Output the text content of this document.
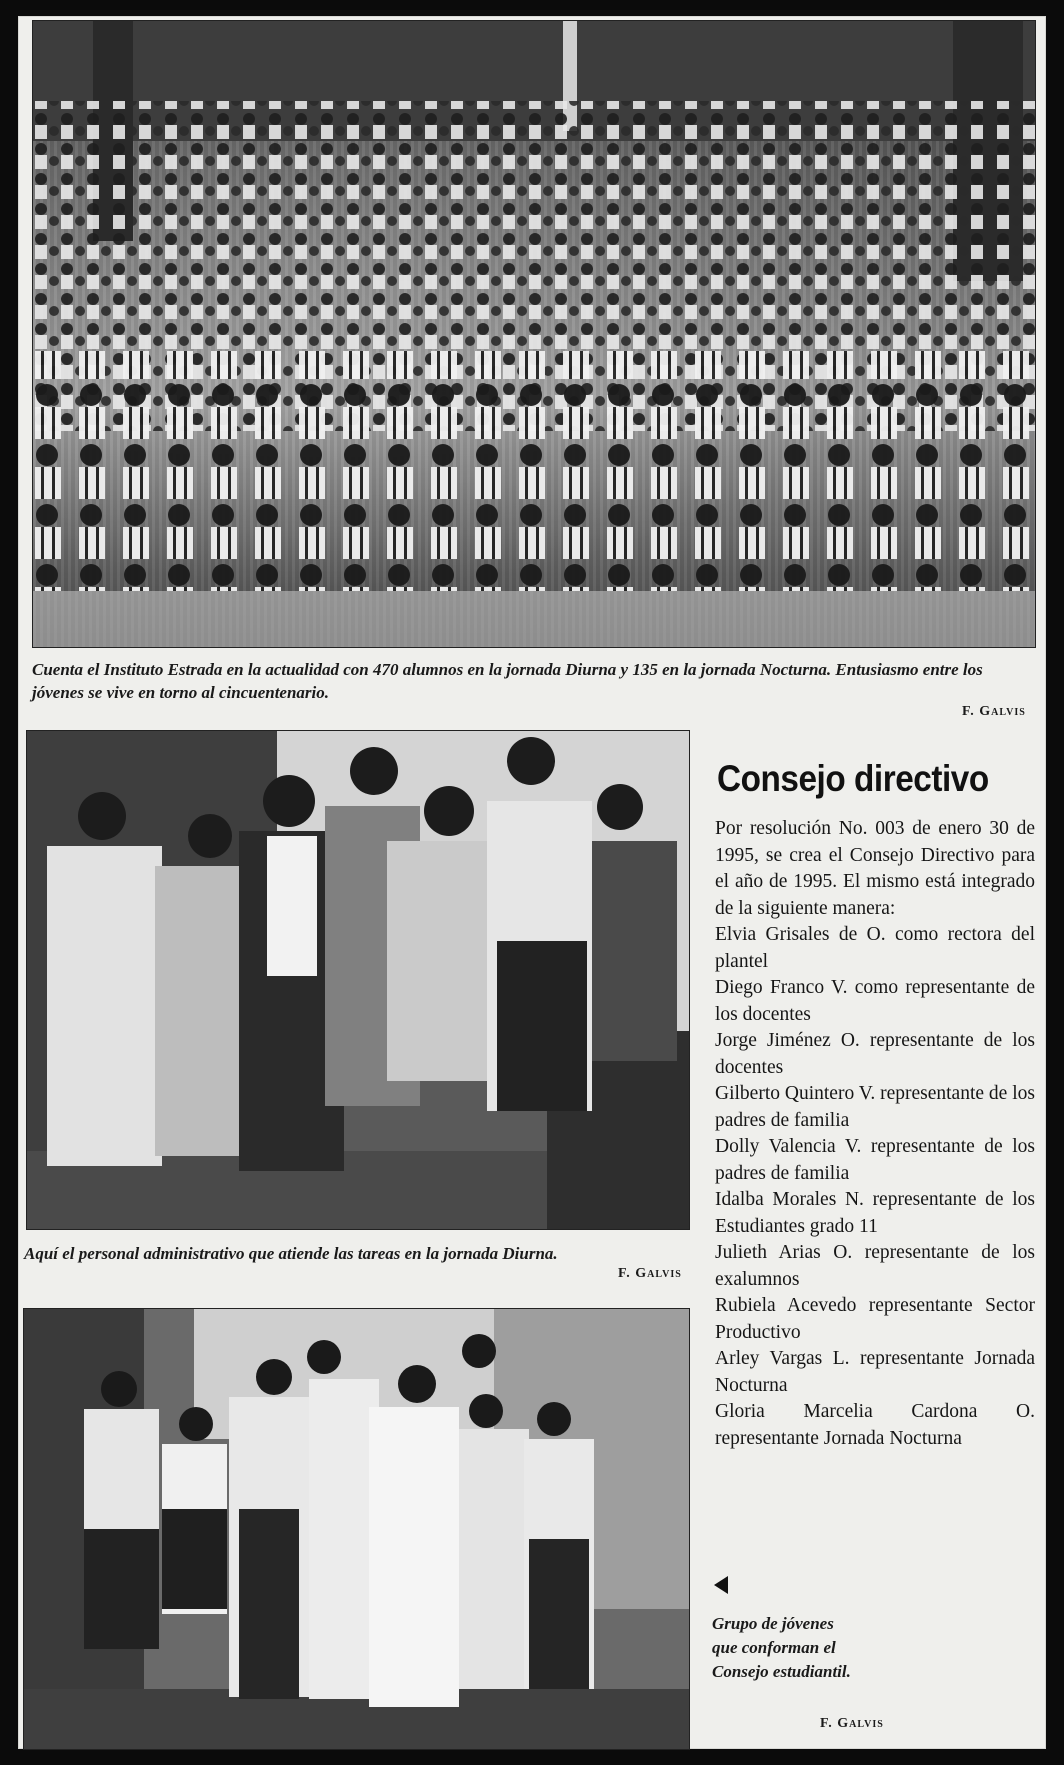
Cuenta el Instituto Estrada en la actualidad con 470 alumnos en la jornada Diurna y 135 en la jornada Nocturna. Entusiasmo entre los jóvenes se vive en torno al cincuentenario.
F. Galvis
Aquí el personal administrativo que atiende las tareas en la jornada Diurna.
F. Galvis
Consejo directivo

Por resolución No. 003 de enero 30 de 1995, se crea el Consejo Directivo para el año de 1995. El mismo está integrado de la siguiente manera:

Elvia Grisales de O. como rectora del plantel

Diego Franco V. como representante de los docentes

Jorge Jiménez O. representante de los docentes

Gilberto Quintero V. representante de los padres de familia

Dolly Valencia V. representante de los padres de familia

Idalba Morales N. representante de los Estudiantes grado 11

Julieth Arias O. representante de los exalumnos

Rubiela Acevedo representante Sector Productivo

Arley Vargas L. representante Jornada Nocturna

Gloria Marcelia Cardona O. representante Jornada Nocturna

Grupo de jóvenes que conforman el Consejo estudiantil.
F. Galvis
